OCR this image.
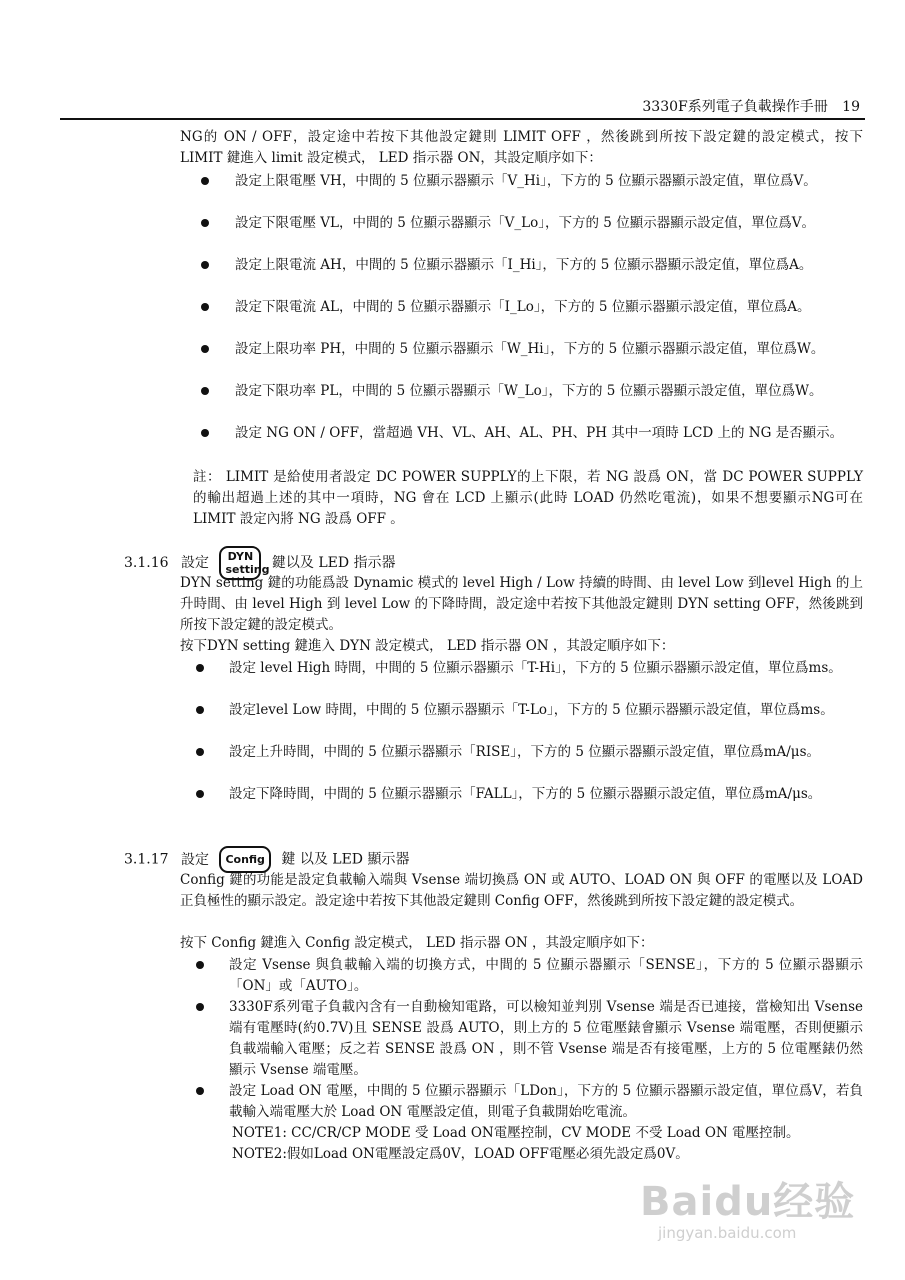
3330F系列電子負載操作手冊 19
NG的 ON / OFF，設定途中若按下其他設定鍵則 LIMIT OFF ，然後跳到所按下設定鍵的設定模式，按下 LIMIT 鍵進入 limit 設定模式， LED 指示器 ON，其設定順序如下：
設定上限電壓 VH，中間的 5 位顯示器顯示「V_Hi」，下方的 5 位顯示器顯示設定值，單位爲V。
設定下限電壓 VL，中間的 5 位顯示器顯示「V_Lo」，下方的 5 位顯示器顯示設定值，單位爲V。
設定上限電流 AH，中間的 5 位顯示器顯示「I_Hi」，下方的 5 位顯示器顯示設定值，單位爲A。
設定下限電流 AL，中間的 5 位顯示器顯示「I_Lo」，下方的 5 位顯示器顯示設定值，單位爲A。
設定上限功率 PH，中間的 5 位顯示器顯示「W_Hi」，下方的 5 位顯示器顯示設定值，單位爲W。
設定下限功率 PL，中間的 5 位顯示器顯示「W_Lo」，下方的 5 位顯示器顯示設定值，單位爲W。
設定 NG ON / OFF，當超過 VH、VL、AH、AL、PH、PH 其中一項時 LCD 上的 NG 是否顯示。
註： LIMIT 是給使用者設定 DC POWER SUPPLY的上下限，若 NG 設爲 ON，當 DC POWER SUPPLY 的輸出超過上述的其中一項時，NG 會在 LCD 上顯示(此時 LOAD 仍然吃電流)，如果不想要顯示NG可在 LIMIT 設定內將 NG 設爲 OFF 。
3.1.16 設定 DYN
setting 鍵以及 LED 指示器
DYN setting 鍵的功能爲設 Dynamic 模式的 level High / Low 持續的時間、由 level Low 到level High 的上升時間、由 level High 到 level Low 的下降時間，設定途中若按下其他設定鍵則 DYN setting OFF，然後跳到所按下設定鍵的設定模式。
按下DYN setting 鍵進入 DYN 設定模式， LED 指示器 ON ，其設定順序如下：
設定 level High 時間，中間的 5 位顯示器顯示「T-Hi」，下方的 5 位顯示器顯示設定值，單位爲ms。
設定level Low 時間，中間的 5 位顯示器顯示「T-Lo」，下方的 5 位顯示器顯示設定值，單位爲ms。
設定上升時間，中間的 5 位顯示器顯示「RISE」，下方的 5 位顯示器顯示設定值，單位爲mA/μs。
設定下降時間，中間的 5 位顯示器顯示「FALL」，下方的 5 位顯示器顯示設定值，單位爲mA/μs。
3.1.17 設定 Config 鍵 以及 LED 顯示器
Config 鍵的功能是設定負載輸入端與 Vsense 端切換爲 ON 或 AUTO、LOAD ON 與 OFF 的電壓以及 LOAD 正負極性的顯示設定。設定途中若按下其他設定鍵則 Config OFF，然後跳到所按下設定鍵的設定模式。
按下 Config 鍵進入 Config 設定模式， LED 指示器 ON ，其設定順序如下：
設定 Vsense 與負載輸入端的切換方式，中間的 5 位顯示器顯示「SENSE」，下方的 5 位顯示器顯示「ON」或「AUTO」。
3330F系列電子負載內含有一自動檢知電路，可以檢知並判別 Vsense 端是否已連接，當檢知出 Vsense 端有電壓時(約0.7V)且 SENSE 設爲 AUTO，則上方的 5 位電壓錶會顯示 Vsense 端電壓，否則便顯示負載端輸入電壓；反之若 SENSE 設爲 ON ，則不管 Vsense 端是否有接電壓，上方的 5 位電壓錶仍然顯示 Vsense 端電壓。
設定 Load ON 電壓，中間的 5 位顯示器顯示「LDon」，下方的 5 位顯示器顯示設定值，單位爲V，若負載輸入端電壓大於 Load ON 電壓設定值，則電子負載開始吃電流。
NOTE1: CC/CR/CP MODE 受 Load ON電壓控制，CV MODE 不受 Load ON 電壓控制。
NOTE2:假如Load ON電壓設定爲0V，LOAD OFF電壓必須先設定爲0V。
Baidu经验
jingyan.baidu.com
